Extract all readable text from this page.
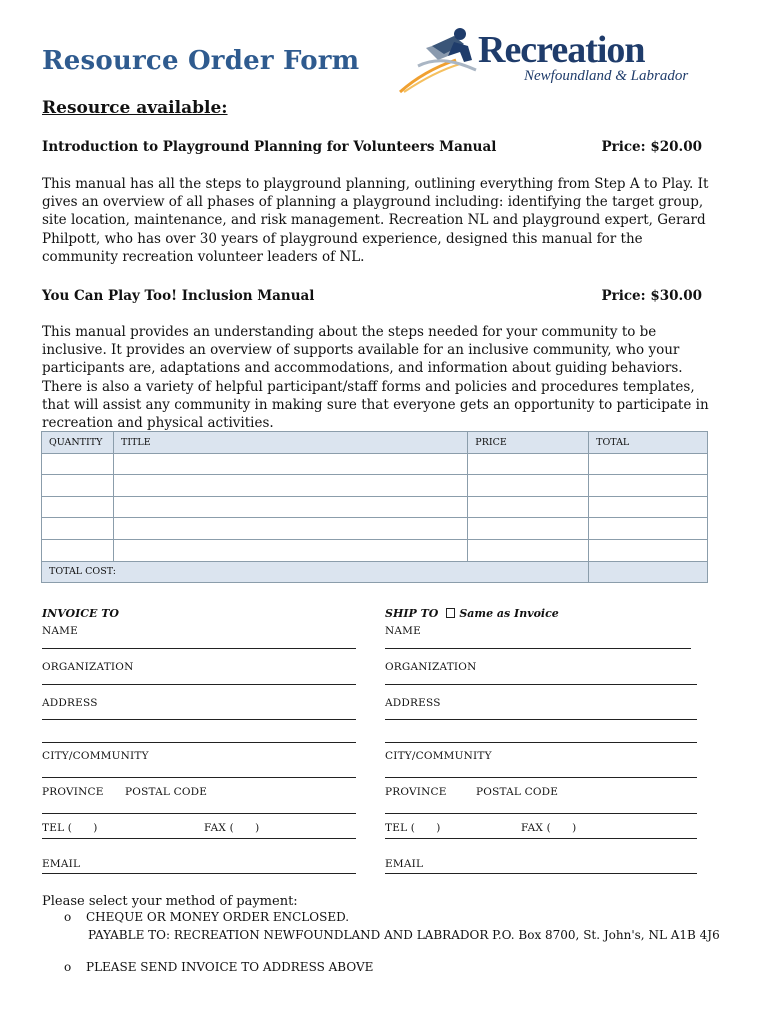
Resource Order Form	Recreation
Newfoundland & Labrador
Resource available:
Introduction to Playground Planning for Volunteers Manual	Price: $20.00
This manual has all the steps to playground planning, outlining everything from Step A to Play. It gives an overview of all phases of planning a playground including: identifying the target group, site location, maintenance, and risk management. Recreation NL and playground expert, Gerard Philpott, who has over 30 years of playground experience, designed this manual for the community recreation volunteer leaders of NL.
You Can Play Too! Inclusion Manual	Price: $30.00
This manual provides an understanding about the steps needed for your community to be inclusive. It provides an overview of supports available for an inclusive community, who your participants are, adaptations and accommodations, and information about guiding behaviors. There is also a variety of helpful participant/staff forms and policies and procedures templates, that will assist any community in making sure that everyone gets an opportunity to participate in recreation and physical activities.
QUANTITY	TITLE	PRICE	TOTAL

TOTAL COST:			
INVOICE TO
NAME
ORGANIZATION
ADDRESS
CITY/COMMUNITY
PROVINCE POSTAL CODE
TEL (      )	FAX (      )
EMAIL
SHIP TO Same as Invoice
NAME
ORGANIZATION
ADDRESS
CITY/COMMUNITY
PROVINCE	POSTAL CODE
TEL (      )	FAX (      )
EMAIL
Please select your method of payment:
o CHEQUE OR MONEY ORDER ENCLOSED.
PAYABLE TO: RECREATION NEWFOUNDLAND AND LABRADOR P.O. Box 8700, St. John's, NL A1B 4J6
o PLEASE SEND INVOICE TO ADDRESS ABOVE
